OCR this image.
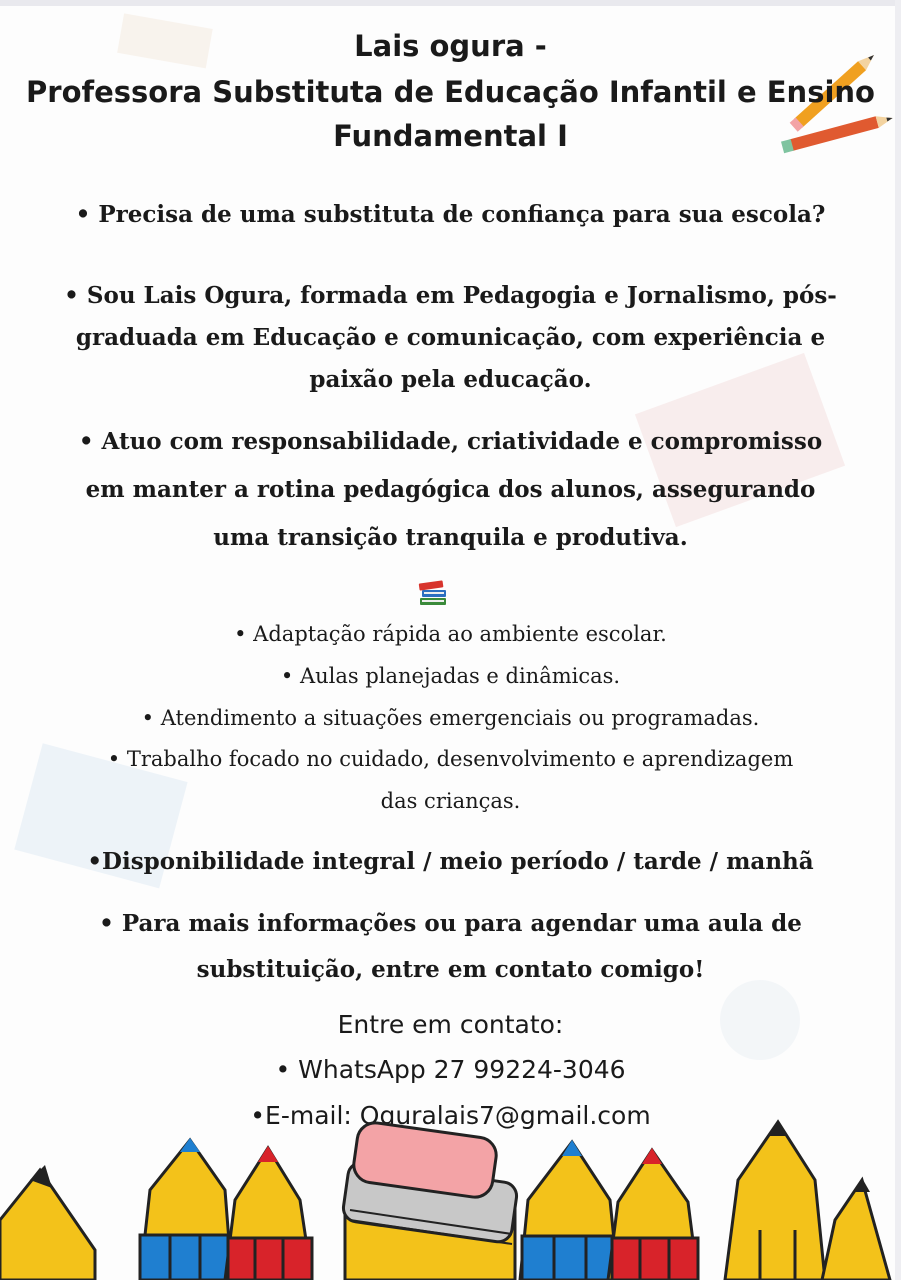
Lais ogura -
Professora Substituta de Educação Infantil e Ensino
Fundamental I
• Precisa de uma substituta de confiança para sua escola?
• Sou Lais Ogura, formada em Pedagogia e Jornalismo, pós-
graduada em Educação e comunicação, com experiência e
paixão pela educação.
• Atuo com responsabilidade, criatividade e compromisso
em manter a rotina pedagógica dos alunos, assegurando
uma transição tranquila e produtiva.
• Adaptação rápida ao ambiente escolar.
• Aulas planejadas e dinâmicas.
• Atendimento a situações emergenciais ou programadas.
• Trabalho focado no cuidado, desenvolvimento e aprendizagem
das crianças.
•Disponibilidade integral / meio período / tarde / manhã
• Para mais informações ou para agendar uma aula de
substituição, entre em contato comigo!
Entre em contato:
• WhatsApp 27 99224-3046
•E-mail: Oguralais7@gmail.com
